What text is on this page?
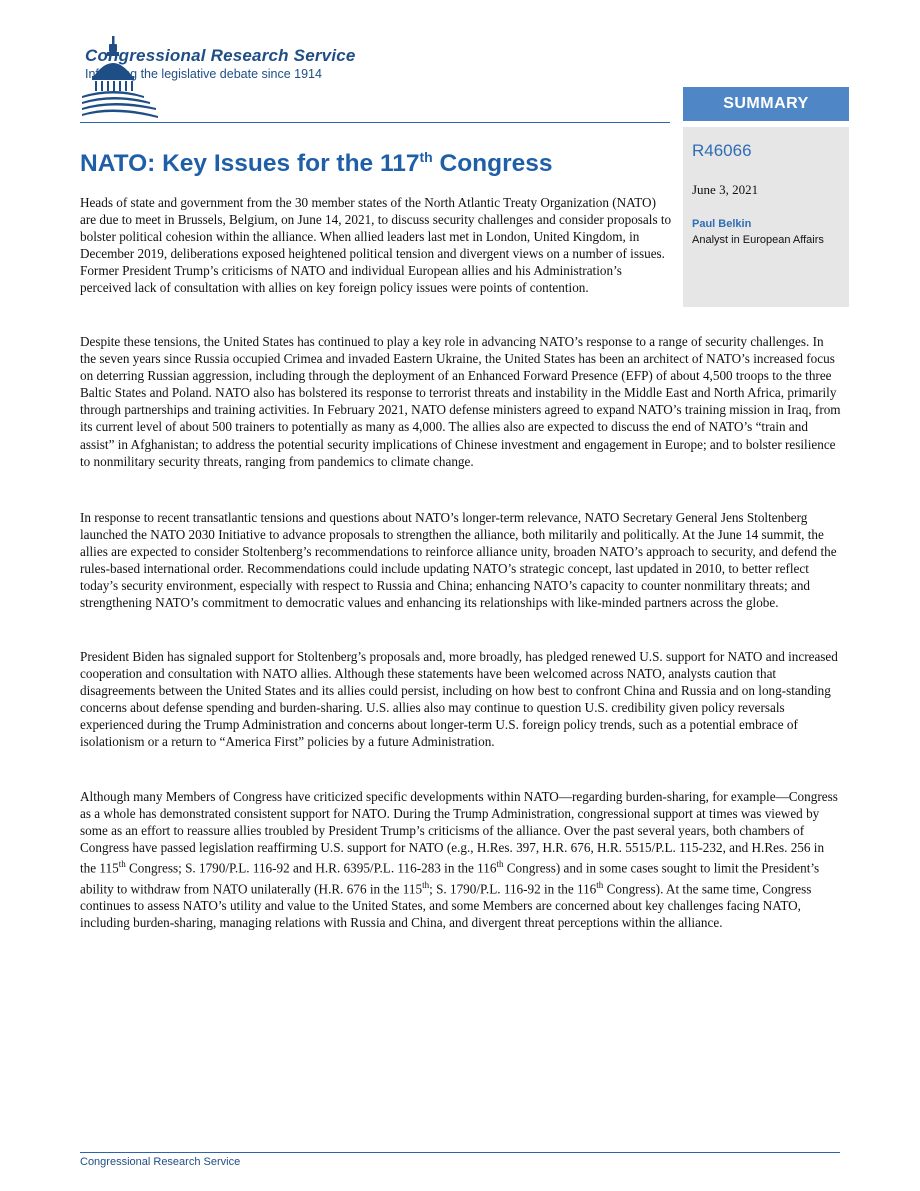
Congressional Research Service
Informing the legislative debate since 1914
SUMMARY
R46066
June 3, 2021
Paul Belkin
Analyst in European Affairs
NATO: Key Issues for the 117th Congress
Heads of state and government from the 30 member states of the North Atlantic Treaty Organization (NATO) are due to meet in Brussels, Belgium, on June 14, 2021, to discuss security challenges and consider proposals to bolster political cohesion within the alliance. When allied leaders last met in London, United Kingdom, in December 2019, deliberations exposed heightened political tension and divergent views on a number of issues. Former President Trump’s criticisms of NATO and individual European allies and his Administration’s perceived lack of consultation with allies on key foreign policy issues were points of contention.
Despite these tensions, the United States has continued to play a key role in advancing NATO’s response to a range of security challenges. In the seven years since Russia occupied Crimea and invaded Eastern Ukraine, the United States has been an architect of NATO’s increased focus on deterring Russian aggression, including through the deployment of an Enhanced Forward Presence (EFP) of about 4,500 troops to the three Baltic States and Poland. NATO also has bolstered its response to terrorist threats and instability in the Middle East and North Africa, primarily through partnerships and training activities. In February 2021, NATO defense ministers agreed to expand NATO’s training mission in Iraq, from its current level of about 500 trainers to potentially as many as 4,000. The allies also are expected to discuss the end of NATO’s “train and assist” in Afghanistan; to address the potential security implications of Chinese investment and engagement in Europe; and to bolster resilience to nonmilitary security threats, ranging from pandemics to climate change.
In response to recent transatlantic tensions and questions about NATO’s longer-term relevance, NATO Secretary General Jens Stoltenberg launched the NATO 2030 Initiative to advance proposals to strengthen the alliance, both militarily and politically. At the June 14 summit, the allies are expected to consider Stoltenberg’s recommendations to reinforce alliance unity, broaden NATO’s approach to security, and defend the rules-based international order. Recommendations could include updating NATO’s strategic concept, last updated in 2010, to better reflect today’s security environment, especially with respect to Russia and China; enhancing NATO’s capacity to counter nonmilitary threats; and strengthening NATO’s commitment to democratic values and enhancing its relationships with like-minded partners across the globe.
President Biden has signaled support for Stoltenberg’s proposals and, more broadly, has pledged renewed U.S. support for NATO and increased cooperation and consultation with NATO allies. Although these statements have been welcomed across NATO, analysts caution that disagreements between the United States and its allies could persist, including on how best to confront China and Russia and on long-standing concerns about defense spending and burden-sharing. U.S. allies also may continue to question U.S. credibility given policy reversals experienced during the Trump Administration and concerns about longer-term U.S. foreign policy trends, such as a potential embrace of isolationism or a return to “America First” policies by a future Administration.
Although many Members of Congress have criticized specific developments within NATO—regarding burden-sharing, for example—Congress as a whole has demonstrated consistent support for NATO. During the Trump Administration, congressional support at times was viewed by some as an effort to reassure allies troubled by President Trump’s criticisms of the alliance. Over the past several years, both chambers of Congress have passed legislation reaffirming U.S. support for NATO (e.g., H.Res. 397, H.R. 676, H.R. 5515/P.L. 115-232, and H.Res. 256 in the 115th Congress; S. 1790/P.L. 116-92 and H.R. 6395/P.L. 116-283 in the 116th Congress) and in some cases sought to limit the President’s ability to withdraw from NATO unilaterally (H.R. 676 in the 115th; S. 1790/P.L. 116-92 in the 116th Congress). At the same time, Congress continues to assess NATO’s utility and value to the United States, and some Members are concerned about key challenges facing NATO, including burden-sharing, managing relations with Russia and China, and divergent threat perceptions within the alliance.
Congressional Research Service
